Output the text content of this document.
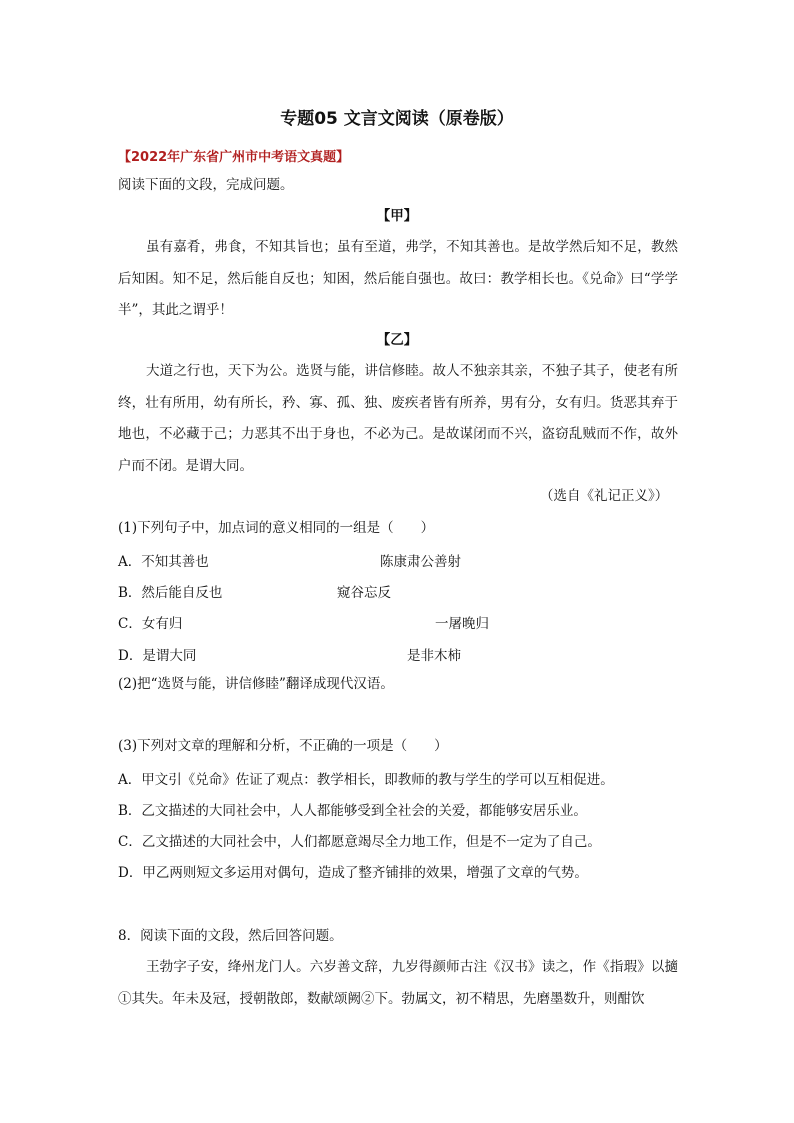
专题05 文言文阅读（原卷版）
【2022年广东省广州市中考语文真题】
阅读下面的文段，完成问题。
【甲】
虽有嘉肴，弗食，不知其旨也；虽有至道，弗学，不知其善也。是故学然后知不足，教然后知困。知不足，然后能自反也；知困，然后能自强也。故曰：教学相长也。《兑命》曰“学学半”，其此之谓乎！
【乙】
大道之行也，天下为公。选贤与能，讲信修睦。故人不独亲其亲，不独子其子，使老有所终，壮有所用，幼有所长，矜、寡、孤、独、废疾者皆有所养，男有分，女有归。货恶其弃于地也，不必藏于己；力恶其不出于身也，不必为己。是故谋闭而不兴，盗窃乱贼而不作，故外户而不闭。是谓大同。
（选自《礼记正义》）
(1)下列句子中，加点词的意义相同的一组是（　　）
A．不知其善也	陈康肃公善射
B．然后能自反也	窥谷忘反
C．女有归	一屠晚归
D．是谓大同	是非木柿
(2)把“选贤与能，讲信修睦”翻译成现代汉语。
(3)下列对文章的理解和分析，不正确的一项是（　　）
A．甲文引《兑命》佐证了观点：教学相长，即教师的教与学生的学可以互相促进。
B．乙文描述的大同社会中，人人都能够受到全社会的关爱，都能够安居乐业。
C．乙文描述的大同社会中，人们都愿意竭尽全力地工作，但是不一定为了自己。
D．甲乙两则短文多运用对偶句，造成了整齐铺排的效果，增强了文章的气势。
8．阅读下面的文段，然后回答问题。
王勃字子安，绛州龙门人。六岁善文辞，九岁得颜师古注《汉书》读之，作《指瑕》以擿①其失。年未及冠，授朝散郎，数献颂阙②下。勃属文，初不精思，先磨墨数升，则酣饮
